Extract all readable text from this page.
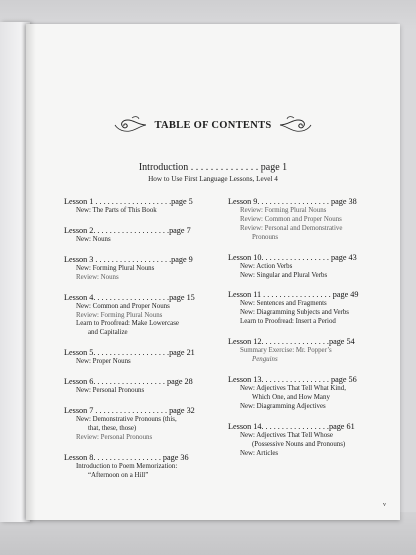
TABLE OF CONTENTS
Introduction . . . . . . . . . . . . . . page 1
How to Use First Language Lessons, Level 4
Lesson 1 . . . . . . . . . . . . . . . . . . .page 5
New: The Parts of This Book
Lesson 2. . . . . . . . . . . . . . . . . . .page 7
New: Nouns
Lesson 3 . . . . . . . . . . . . . . . . . . .page 9
New: Forming Plural Nouns
Review: Nouns
Lesson 4. . . . . . . . . . . . . . . . . . .page 15
New: Common and Proper Nouns
Review: Forming Plural Nouns
Learn to Proofread: Make Lowercase
and Capitalize
Lesson 5. . . . . . . . . . . . . . . . . . .page 21
New: Proper Nouns
Lesson 6. . . . . . . . . . . . . . . . . . page 28
New: Personal Pronouns
Lesson 7 . . . . . . . . . . . . . . . . . . page 32
New: Demonstrative Pronouns (this,
that, these, those)
Review: Personal Pronouns
Lesson 8. . . . . . . . . . . . . . . . . page 36
Introduction to Poem Memorization:
“Afternoon on a Hill”
Lesson 9. . . . . . . . . . . . . . . . . . page 38
Review: Forming Plural Nouns
Review: Common and Proper Nouns
Review: Personal and Demonstrative
Pronouns
Lesson 10. . . . . . . . . . . . . . . . . page 43
New: Action Verbs
New: Singular and Plural Verbs
Lesson 11 . . . . . . . . . . . . . . . . . page 49
New: Sentences and Fragments
New: Diagramming Subjects and Verbs
Learn to Proofread: Insert a Period
Lesson 12. . . . . . . . . . . . . . . . .page 54
Summary Exercise: Mr. Popper’s
Penguins
Lesson 13. . . . . . . . . . . . . . . . . page 56
New: Adjectives That Tell What Kind,
Which One, and How Many
New: Diagramming Adjectives
Lesson 14. . . . . . . . . . . . . . . . .page 61
New: Adjectives That Tell Whose
(Possessive Nouns and Pronouns)
New: Articles
v
